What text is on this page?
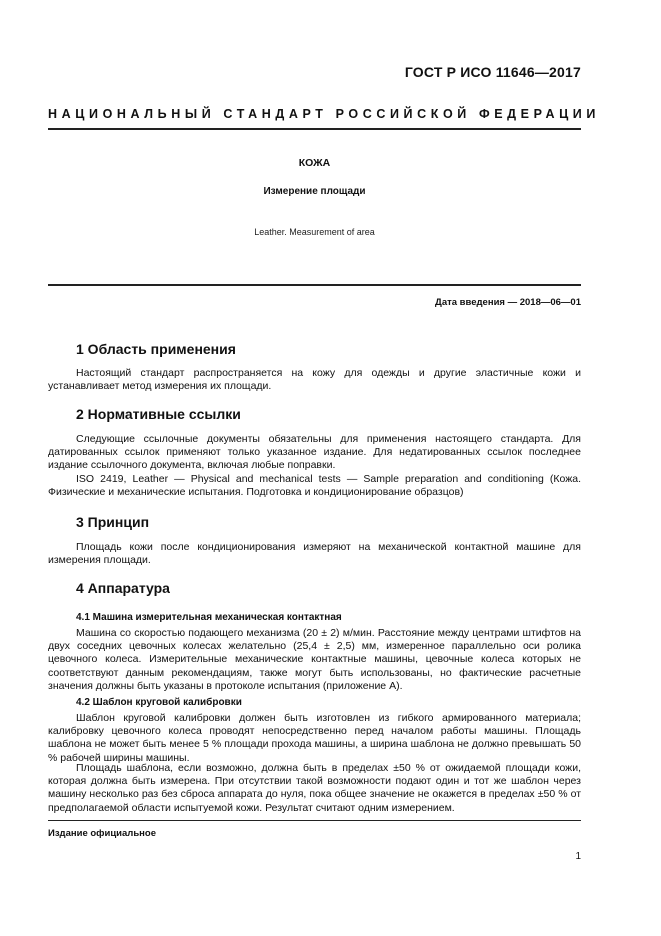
ГОСТ Р ИСО 11646—2017
НАЦИОНАЛЬНЫЙ СТАНДАРТ РОССИЙСКОЙ ФЕДЕРАЦИИ
КОЖА
Измерение площади
Leather. Measurement of area
Дата введения — 2018—06—01
1 Область применения

Настоящий стандарт распространяется на кожу для одежды и другие эластичные кожи и устанавливает метод измерения их площади.

2 Нормативные ссылки

Следующие ссылочные документы обязательны для применения настоящего стандарта. Для датированных ссылок применяют только указанное издание. Для недатированных ссылок последнее издание ссылочного документа, включая любые поправки.

ISO 2419, Leather — Physical and mechanical tests — Sample preparation and conditioning (Кожа. Физические и механические испытания. Подготовка и кондиционирование образцов)

3 Принцип

Площадь кожи после кондиционирования измеряют на механической контактной машине для измерения площади.

4 Аппаратура
4.1 Машина измерительная механическая контактная

Машина со скоростью подающего механизма (20 ± 2) м/мин. Расстояние между центрами штифтов на двух соседних цевочных колесах желательно (25,4 ± 2,5) мм, измеренное параллельно оси ролика цевочного колеса. Измерительные механические контактные машины, цевочные колеса которых не соответствуют данным рекомендациям, также могут быть использованы, но фактические расчетные значения должны быть указаны в протоколе испытания (приложение А).

4.2 Шаблон круговой калибровки

Шаблон круговой калибровки должен быть изготовлен из гибкого армированного материала; калибровку цевочного колеса проводят непосредственно перед началом работы машины. Площадь шаблона не может быть менее 5 % площади прохода машины, а ширина шаблона не должно превышать 50 % рабочей ширины машины.

Площадь шаблона, если возможно, должна быть в пределах ±50 % от ожидаемой площади кожи, которая должна быть измерена. При отсутствии такой возможности подают один и тот же шаблон через машину несколько раз без сброса аппарата до нуля, пока общее значение не окажется в пределах ±50 % от предполагаемой области испытуемой кожи. Результат считают одним измерением.

Издание официальное
1
